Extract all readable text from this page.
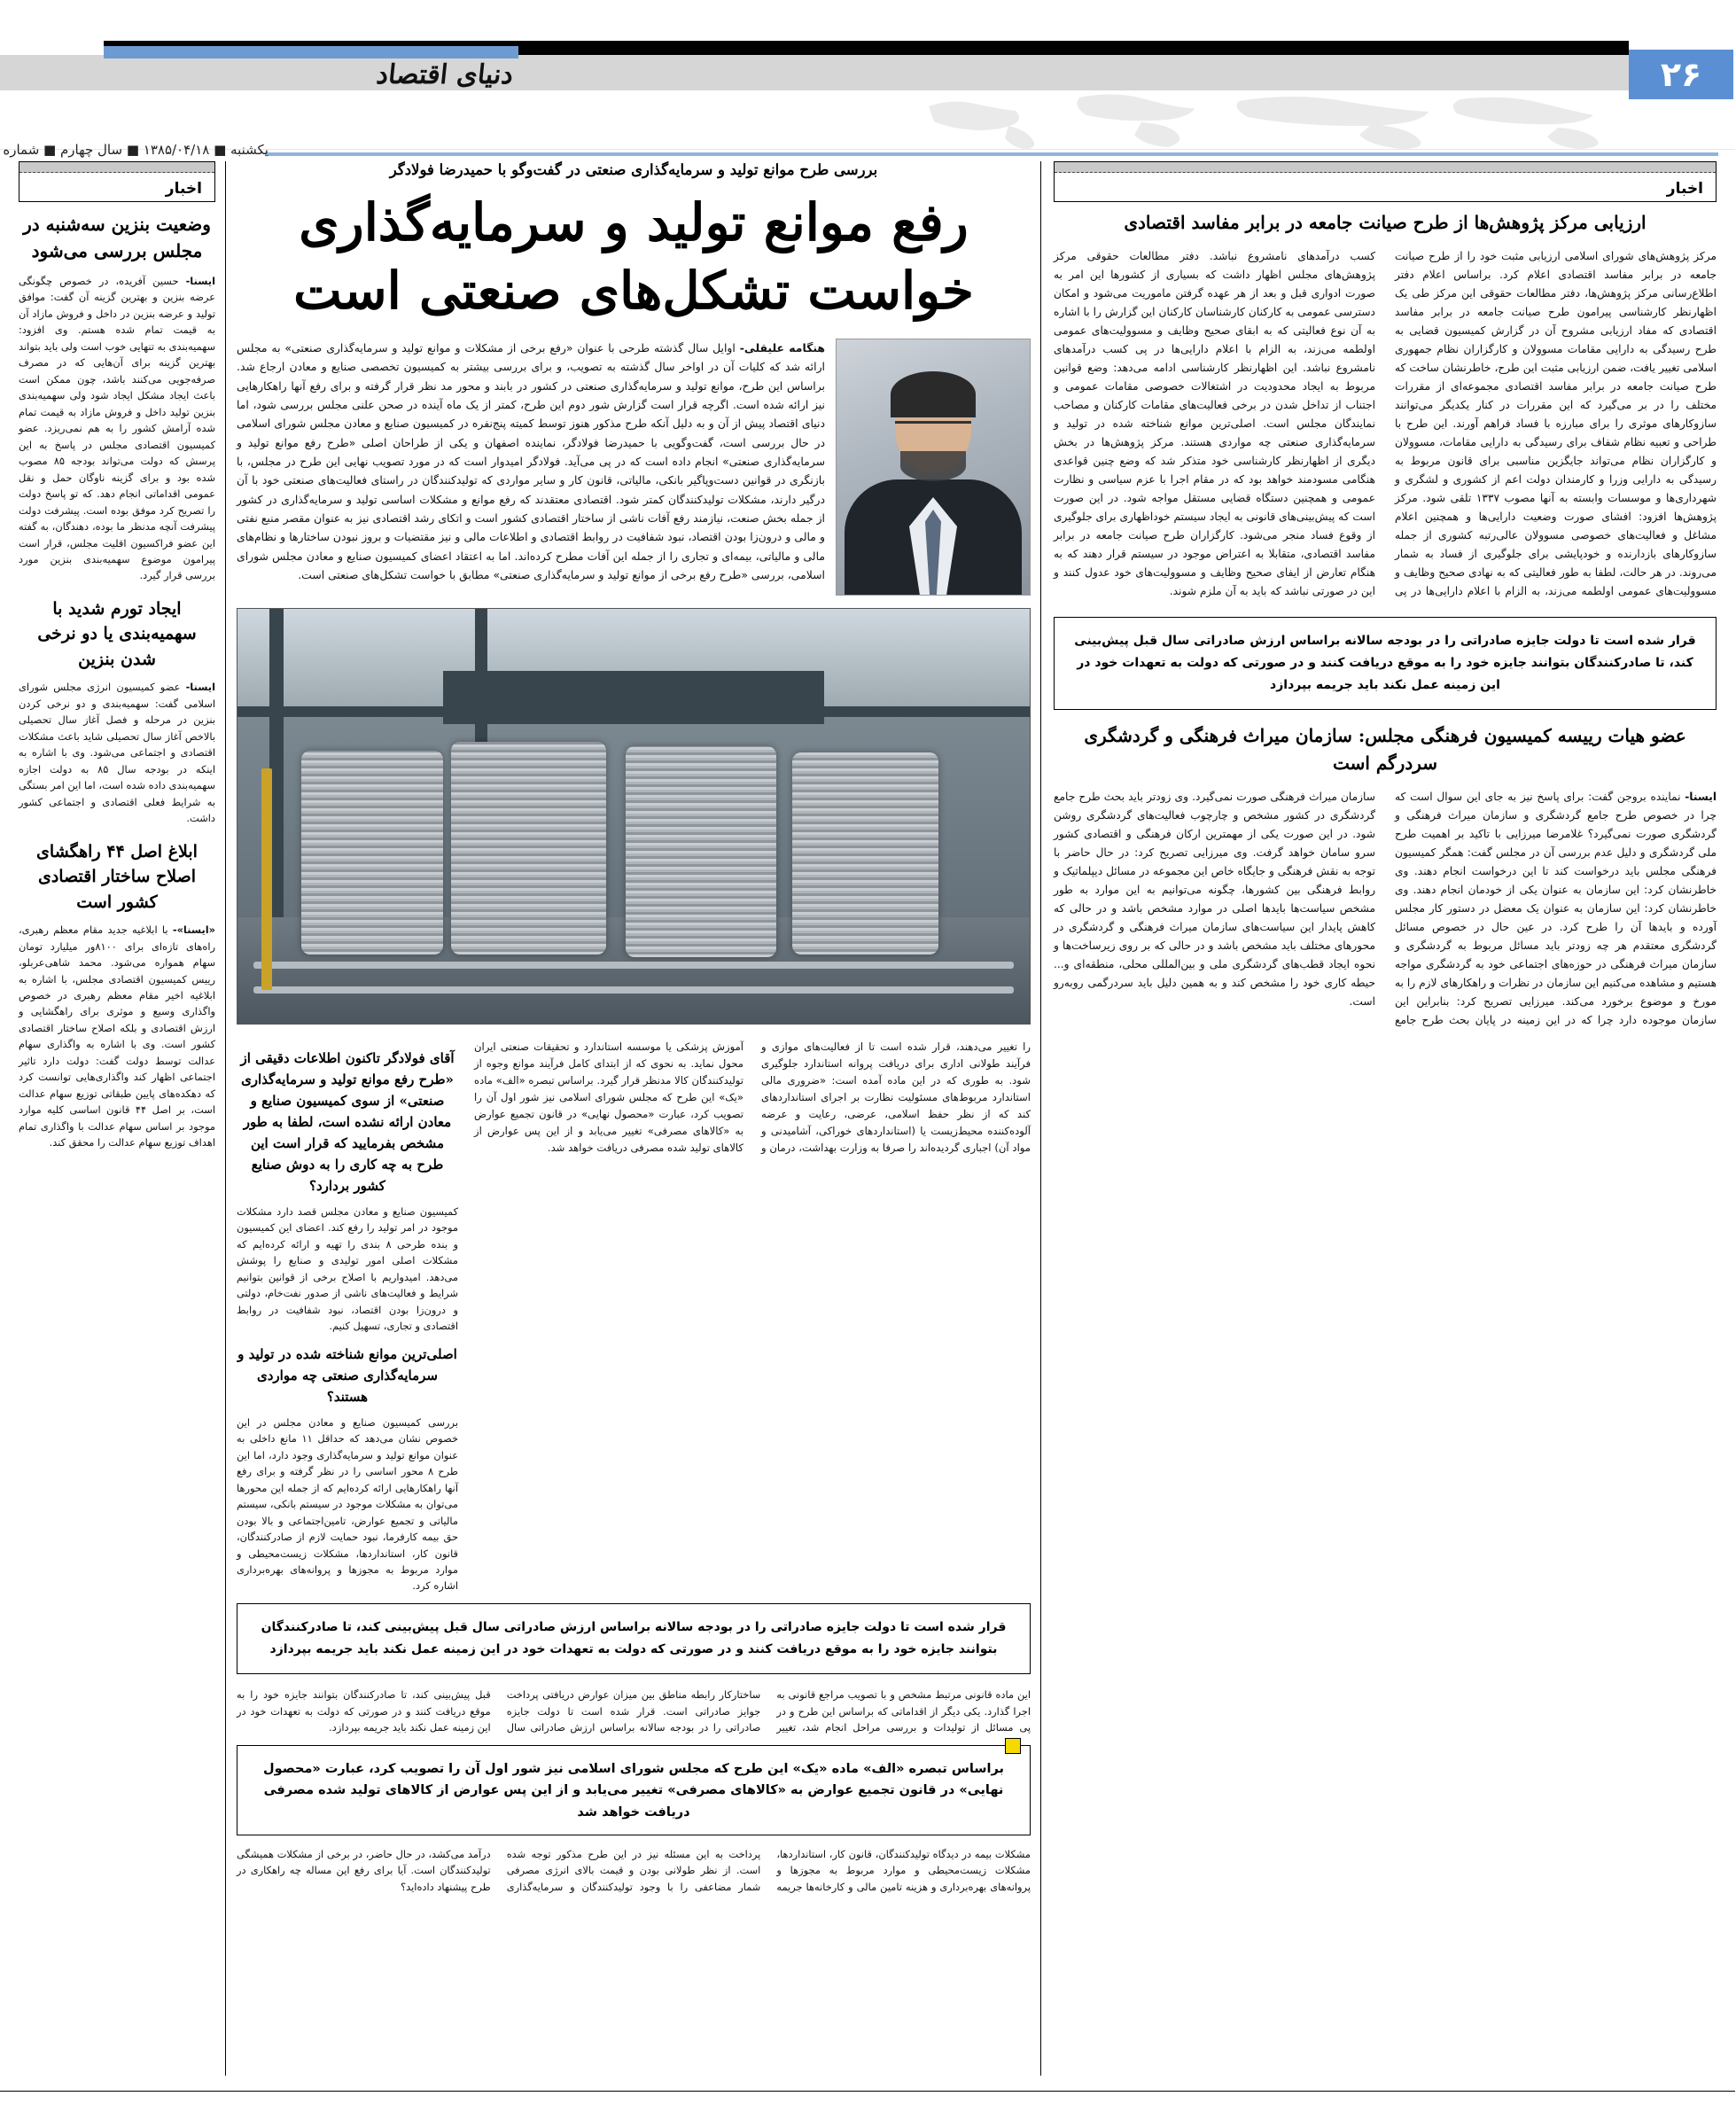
دنیای اقتصاد	۲۶
یکشنبه ■ ۱۳۸۵/۰۴/۱۸ ■ سال چهارم ■ شماره
اخبار
وضعیت بنزین سه‌شنبه در مجلس بررسی می‌شود
ایسنا- حسین آفریده، در خصوص چگونگی عرضه بنزین و بهترین گزینه آن گفت: موافق تولید و عرضه بنزین در داخل و فروش مازاد آن به قیمت تمام شده هستم. وی افزود: سهمیه‌بندی به تنهایی خوب است ولی باید بتواند بهترین گزینه برای آن‌هایی که در مصرف صرفه‌جویی می‌کنند باشد، چون ممکن است باعث ایجاد مشکل ایجاد شود ولی سهمیه‌بندی بنزین تولید داخل و فروش مازاد به قیمت تمام شده آرامش کشور را به هم نمی‌ریزد. عضو کمیسیون اقتصادی مجلس در پاسخ به این پرسش که دولت می‌تواند بودجه ۸۵ مصوب شده بود و برای گزینه ناوگان حمل و نقل عمومی اقداماتی انجام دهد. که تو پاسخ دولت را تصریح کرد موفق بوده است. پیشرفت دولت پیشرفت آنچه مدنظر ما بوده، دهندگان، به گفته این عضو فراکسیون اقلیت مجلس، قرار است پیرامون موضوع سهمیه‌بندی بنزین مورد بررسی قرار گیرد.
ایجاد تورم شدید با سهمیه‌بندی یا دو نرخی شدن بنزین
ایسنا- عضو کمیسیون انرژی مجلس شورای اسلامی گفت: سهمیه‌بندی و دو نرخی کردن بنزین در مرحله و فصل آغاز سال تحصیلی بالاخص آغاز سال تحصیلی شاید باعث مشکلات اقتصادی و اجتماعی می‌شود. وی با اشاره به اینکه در بودجه سال ۸۵ به دولت اجازه سهمیه‌بندی داده شده است، اما این امر بستگی به شرایط فعلی اقتصادی و اجتماعی کشور داشت.
ابلاغ اصل ۴۴ راهگشای اصلاح ساختار اقتصادی کشور است
«ایسنا»- با ابلاغیه جدید مقام معظم رهبری، راه‌های تازه‌ای برای ۸۱۰۰ور میلیارد تومان سهام همواره می‌شود. محمد شاهی‌عربلو، رییس کمیسیون اقتصادی مجلس، با اشاره به ابلاغیه اخیر مقام معظم رهبری در خصوص واگذاری وسیع و موثری برای راهگشایی و ارزش اقتصادی و بلکه اصلاح ساختار اقتصادی کشور است. وی با اشاره به واگذاری سهام عدالت توسط دولت گفت: دولت دارد تاثیر اجتماعی اظهار کند واگذاری‌هایی توانست کرد که دهکده‌های پایین طبقاتی توزیع سهام عدالت است، بر اصل ۴۴ قانون اساسی کلیه موارد موجود بر اساس سهام عدالت با واگذاری تمام اهداف توزیع سهام عدالت را محقق کند.
بررسی طرح موانع تولید و سرمایه‌گذاری صنعتی در گفت‌وگو با حمیدرضا فولادگر
رفع موانع تولید و سرمایه‌گذاری
خواست تشکل‌های صنعتی است
هنگامه علیقلی- اوایل سال گذشته طرحی با عنوان «رفع برخی از مشکلات و موانع تولید و سرمایه‌گذاری صنعتی» به مجلس ارائه شد که کلیات آن در اواخر سال گذشته به تصویب، و برای بررسی بیشتر به کمیسیون تخصصی صنایع و معادن ارجاع شد. براساس این طرح، موانع تولید و سرمایه‌گذاری صنعتی در کشور در بابند و محور مد نظر قرار گرفته و برای رفع آنها راهکارهایی نیز ارائه شده است. اگرچه قرار است گزارش شور دوم این طرح، کمتر از یک ماه آینده در صحن علنی مجلس بررسی شود، اما دنیای اقتصاد پیش از آن و به دلیل آنکه طرح مذکور هنوز توسط کمیته پنج‌نفره در کمیسیون صنایع و معادن مجلس شورای اسلامی در حال بررسی است، گفت‌وگویی با حمیدرضا فولادگر، نماینده اصفهان و یکی از طراحان اصلی «طرح رفع موانع تولید و سرمایه‌گذاری صنعتی» انجام داده است که در پی می‌آید. فولادگر امیدوار است که در مورد تصویب نهایی این طرح در مجلس، با بازنگری در قوانین دست‌وپاگیر بانکی، مالیاتی، قانون کار و سایر مواردی که تولیدکنندگان در راستای فعالیت‌های صنعتی خود با آن درگیر دارند، مشکلات تولیدکنندگان کمتر شود. اقتصادی معتقدند که رفع موانع و مشکلات اساسی تولید و سرمایه‌گذاری در کشور از جمله بخش صنعت، نیازمند رفع آفات ناشی از ساختار اقتصادی کشور است و اتکای رشد اقتصادی نیز به عنوان مقصر منبع نفتی و مالی و درون‌زا بودن اقتصاد، نبود شفافیت در روابط اقتصادی و اطلاعات مالی و نیز مقتضیات و بروز نبودن ساختارها و نظام‌های مالی و مالیاتی، بیمه‌ای و تجاری را از جمله این آفات مطرح کرده‌اند. اما به اعتقاد اعضای کمیسیون صنایع و معادن مجلس شورای اسلامی، بررسی «طرح رفع برخی از موانع تولید و سرمایه‌گذاری صنعتی» مطابق با خواست تشکل‌های صنعتی است.
را تغییر می‌دهند، قرار شده است تا از فعالیت‌های موازی و فرآیند طولانی اداری برای دریافت پروانه استاندارد جلوگیری شود. به طوری که در این ماده آمده است: «ضروری مالی استاندارد مربوط‌های مسئولیت نظارت بر اجرای استانداردهای کند که از نظر حفظ اسلامی، عرضی، رعایت و عرضه آلوده‌کننده محیط‌زیست یا (استانداردهای خوراکی، آشامیدنی و مواد آن) اجباری گردیده‌اند را صرفا به وزارت بهداشت، درمان و آموزش پزشکی یا موسسه استاندارد و تحقیقات صنعتی ایران محول نماید. به نحوی که از ابتدای کامل فرآیند موانع وجوه از تولیدکنندگان کالا مدنظر قرار گیرد. براساس تبصره «الف» ماده «یک» این طرح که مجلس شورای اسلامی نیز شور اول آن را تصویب کرد، عبارت «محصول نهایی» در قانون تجمیع عوارض به «کالاهای مصرفی» تغییر می‌یابد و از این پس عوارض از کالاهای تولید شده مصرفی دریافت خواهد شد.
آقای فولادگر تاکنون اطلاعات دقیقی از «طرح رفع موانع تولید و سرمایه‌گذاری صنعتی» از سوی کمیسیون صنایع و معادن ارائه نشده است، لطفا به طور مشخص بفرمایید که قرار است این طرح به چه کاری را به دوش صنایع کشور بردارد؟
کمیسیون صنایع و معادن مجلس قصد دارد مشکلات موجود در امر تولید را رفع کند. اعضای این کمیسیون و بنده طرحی ۸ بندی را تهیه و ارائه کرده‌ایم که مشکلات اصلی امور تولیدی و صنایع را پوشش می‌دهد. امیدواریم با اصلاح برخی از قوانین بتوانیم شرایط و فعالیت‌های ناشی از صدور نفت‌خام، دولتی و درون‌زا بودن اقتصاد، نبود شفافیت در روابط اقتصادی و تجاری، تسهیل کنیم.
اصلی‌ترین موانع شناخته شده در تولید و سرمایه‌گذاری صنعتی چه مواردی هستند؟
بررسی کمیسیون صنایع و معادن مجلس در این خصوص نشان می‌دهد که حداقل ۱۱ مانع داخلی به عنوان موانع تولید و سرمایه‌گذاری وجود دارد، اما این طرح ۸ محور اساسی را در نظر گرفته و برای رفع آنها راهکارهایی ارائه کرده‌ایم که از جمله این محورها می‌توان به مشکلات موجود در سیستم بانکی، سیستم مالیاتی و تجمیع عوارض، تامین‌اجتماعی و بالا بودن حق بیمه کارفرما، نبود حمایت لازم از صادرکنندگان، قانون کار، استانداردها، مشکلات زیست‌محیطی و موارد مربوط به مجوزها و پروانه‌های بهره‌برداری اشاره کرد.
قرار شده است تا دولت جایزه صادراتی را در بودجه سالانه براساس ارزش صادراتی سال قبل پیش‌بینی کند، تا صادرکنندگان بتوانند جایزه خود را به موقع دریافت کنند و در صورتی که دولت به تعهدات خود در این زمینه عمل نکند باید جریمه بپردازد
این ماده قانونی مرتبط مشخص و با تصویب مراجع قانونی به اجرا گذارد. یکی دیگر از اقداماتی که براساس این طرح و در پی مسائل از تولیدات و بررسی مراحل انجام شد، تغییر ساختارکار رابطه مناطق بین میزان عوارض دریافتی پرداخت جوایز صادراتی است. قرار شده است تا دولت جایزه صادراتی را در بودجه سالانه براساس ارزش صادراتی سال قبل پیش‌بینی کند، تا صادرکنندگان بتوانند جایزه خود را به موقع دریافت کنند و در صورتی که دولت به تعهدات خود در این زمینه عمل نکند باید جریمه بپردازد.
براساس تبصره «الف» ماده «یک» این طرح که مجلس شورای اسلامی نیز شور اول آن را تصویب کرد، عبارت «محصول نهایی» در قانون تجمیع عوارض به «کالاهای مصرفی» تغییر می‌یابد و از این پس عوارض از کالاهای تولید شده مصرفی دریافت خواهد شد
مشکلات بیمه در دیدگاه تولیدکنندگان، قانون کار، استانداردها، مشکلات زیست‌محیطی و موارد مربوط به مجوزها و پروانه‌های بهره‌برداری و هزینه تامین مالی و کارخانه‌ها جریمه پرداخت به این مسئله نیز در این طرح مذکور توجه شده است. از نظر طولانی بودن و قیمت بالای انرژی مصرفی شمار مضاعفی را با وجود تولیدکنندگان و سرمایه‌گذاری درآمد می‌کشد، در حال حاضر، در برخی از مشکلات همیشگی تولیدکنندگان است. آیا برای رفع این مساله چه راهکاری در طرح پیشنهاد داده‌اید؟
اخبار
ارزیابی مرکز پژوهش‌ها از طرح صیانت جامعه در برابر مفاسد اقتصادی
مرکز پژوهش‌های شورای اسلامی ارزیابی مثبت خود را از طرح صیانت جامعه در برابر مفاسد اقتصادی اعلام کرد. براساس اعلام دفتر اطلاع‌رسانی مرکز پژوهش‌ها، دفتر مطالعات حقوقی این مرکز طی یک اظهارنظر کارشناسی پیرامون طرح صیانت جامعه در برابر مفاسد اقتصادی که مفاد ارزیابی مشروح آن در گزارش کمیسیون قضایی به طرح رسیدگی به دارایی مقامات مسوولان و کارگزاران نظام جمهوری اسلامی تغییر یافت، ضمن ارزیابی مثبت این طرح، خاطرنشان ساخت که طرح صیانت جامعه در برابر مفاسد اقتصادی مجموعه‌ای از مقررات مختلف را در بر می‌گیرد که این مقررات در کنار یکدیگر می‌توانند سازوکارهای موثری را برای مبارزه با فساد فراهم آورند. این طرح با طراحی و تعبیه نظام شفاف برای رسیدگی به دارایی مقامات، مسوولان و کارگزاران نظام می‌تواند جایگزین مناسبی برای قانون مربوط به رسیدگی به دارایی وزرا و کارمندان دولت اعم از کشوری و لشگری و شهرداری‌ها و موسسات وابسته به آنها مصوب ۱۳۳۷ تلقی شود. مرکز پژوهش‌ها افزود: افشای صورت وضعیت دارایی‌ها و همچنین اعلام مشاغل و فعالیت‌های خصوصی مسوولان عالی‌رتبه کشوری از جمله سازوکارهای بازدارنده و خودپایشی برای جلوگیری از فساد به شمار می‌روند. در هر حالت، لطفا به طور فعالیتی که به نهادی صحیح وظایف و مسوولیت‌های عمومی اولطمه می‌زند، به الزام با اعلام دارایی‌ها در پی کسب درآمدهای نامشروع نباشد. دفتر مطالعات حقوقی مرکز پژوهش‌های مجلس اظهار داشت که بسیاری از کشورها این امر به صورت ادواری قبل و بعد از هر عهده گرفتن ماموریت می‌شود و امکان دسترسی عمومی به کارکنان کارشناسان کارکنان این گزارش را با اشاره به آن نوع فعالیتی که به ابقای صحیح وظایف و مسوولیت‌های عمومی اولطمه می‌زند، به الزام با اعلام دارایی‌ها در پی کسب درآمدهای نامشروع نباشد. این اظهارنظر کارشناسی ادامه می‌دهد: وضع قوانین مربوط به ایجاد محدودیت در اشتغالات خصوصی مقامات عمومی و اجتناب از تداخل شدن در برخی فعالیت‌های مقامات کارکنان و مصاحب نمایندگان مجلس است. اصلی‌ترین موانع شناخته شده در تولید و سرمایه‌گذاری صنعتی چه مواردی هستند. مرکز پژوهش‌ها در بخش دیگری از اظهارنظر کارشناسی خود متذکر شد که وضع چنین قواعدی هنگامی مسودمند خواهد بود که در مقام اجرا با عزم سیاسی و نظارت عمومی و همچنین دستگاه قضایی مستقل مواجه شود. در این صورت است که پیش‌بینی‌های قانونی به ایجاد سیستم خوداظهاری برای جلوگیری از وقوع فساد منجر می‌شود. کارگزاران طرح صیانت جامعه در برابر مفاسد اقتصادی، متقابلا به اعتراض موجود در سیستم قرار دهند که به هنگام تعارض از ایفای صحیح وظایف و مسوولیت‌های خود عدول کنند و این در صورتی نباشد که باید به آن ملزم شوند.
قرار شده است تا دولت جایزه صادراتی را در بودجه سالانه براساس ارزش صادراتی سال قبل پیش‌بینی کند، تا صادرکنندگان بتوانند جایزه خود را به موقع دریافت کنند و در صورتی که دولت به تعهدات خود در این زمینه عمل نکند باید جریمه بپردازد
عضو هیات رییسه کمیسیون فرهنگی مجلس: سازمان میراث فرهنگی و گردشگری سردرگم است
ایسنا- نماینده بروجن گفت: برای پاسخ نیز به جای این سوال است که چرا در خصوص طرح جامع گردشگری و سازمان میراث فرهنگی و گردشگری صورت نمی‌گیرد؟ غلامرضا میرزایی با تاکید بر اهمیت طرح ملی گردشگری و دلیل عدم بررسی آن در مجلس گفت: همگر کمیسیون فرهنگی مجلس باید درخواست کند تا این درخواست انجام دهند. وی خاطرنشان کرد: این سازمان به عنوان یکی از خودمان انجام دهند. وی خاطرنشان کرد: این سازمان به عنوان یک معضل در دستور کار مجلس آورده و بایدها آن را طرح کرد. در عین حال در خصوص مسائل گردشگری معتقدم هر چه زودتر باید مسائل مربوط به گردشگری و سازمان میراث فرهنگی در حوزه‌های اجتماعی خود به گردشگری مواجه هستیم و مشاهده می‌کنیم این سازمان در نظرات و راهکارهای لازم را به مورخ و موضوع برخورد می‌کند. میرزایی تصریح کرد: بنابراین این سازمان موجوده دارد چرا که در این زمینه در پایان بحث طرح جامع سازمان میراث فرهنگی صورت نمی‌گیرد. وی زودتر باید بحث طرح جامع گردشگری در کشور مشخص و چارچوب فعالیت‌های گردشگری روشن شود. در این صورت یکی از مهمترین ارکان فرهنگی و اقتصادی کشور سرو سامان خواهد گرفت. وی میرزایی تصریح کرد: در حال حاضر با توجه به نقش فرهنگی و جایگاه خاص این مجموعه در مسائل دیپلماتیک و روابط فرهنگی بین کشورها، چگونه می‌توانیم به این موارد به طور مشخص سیاست‌ها بایدها اصلی در موارد مشخص باشد و در حالی که کاهش پایدار این سیاست‌های سازمان میراث فرهنگی و گردشگری در محورهای مختلف باید مشخص باشد و در حالی که بر روی زیرساخت‌ها و نحوه ایجاد قطب‌های گردشگری ملی و بین‌المللی محلی، منطقه‌ای و... حیطه کاری خود را مشخص کند و به همین دلیل باید سردرگمی روبه‌رو است.
